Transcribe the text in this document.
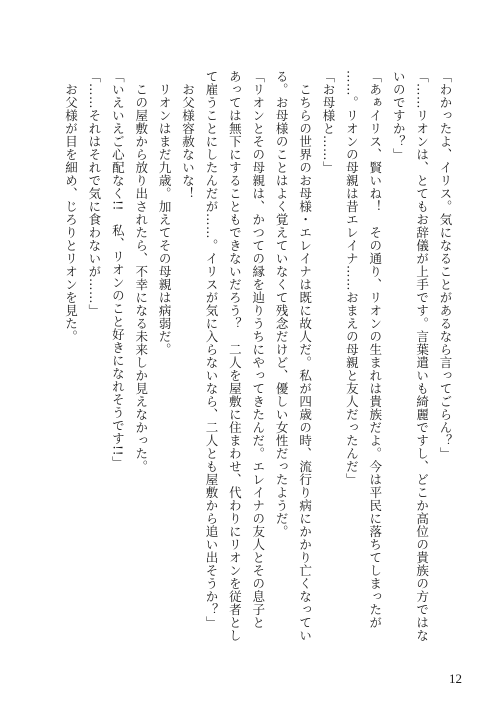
「わかったよ、イリス。気になることがあるなら言ってごらん？」
「……リオンは、とてもお辞儀が上手です。言葉遣いも綺麗ですし、どこか高位の貴族の方ではな
いのですか？」
「あぁイリス、賢いね！　その通り、リオンの生まれは貴族だよ。今は平民に落ちてしまったが
……。リオンの母親は昔エレイナ……おまえの母親と友人だったんだ」
「お母様と……」
　こちらの世界のお母様・エレイナは既に故人だ。私が四歳の時、流行り病にかかり亡くなってい
る。お母様のことはよく覚えていなくて残念だけど、優しい女性だったようだ。
「リオンとその母親は、かつての縁を辿りうちにやってきたんだ。エレイナの友人とその息子と
あっては無下にすることもできないだろう？　二人を屋敷に住まわせ、代わりにリオンを従者とし
て雇うことにしたんだが……。イリスが気に入らないなら、二人とも屋敷から追い出そうか？」
　お父様容赦ないな！
　リオンはまだ九歳。加えてその母親は病弱だ。
　この屋敷から放り出されたら、不幸になる未来しか見えなかった。
「いえいえご心配なく!!　私、リオンのこと好きになれそうです!!」
「……それはそれで気に食わないが……」
　お父様が目を細め、じろりとリオンを見た。
12
